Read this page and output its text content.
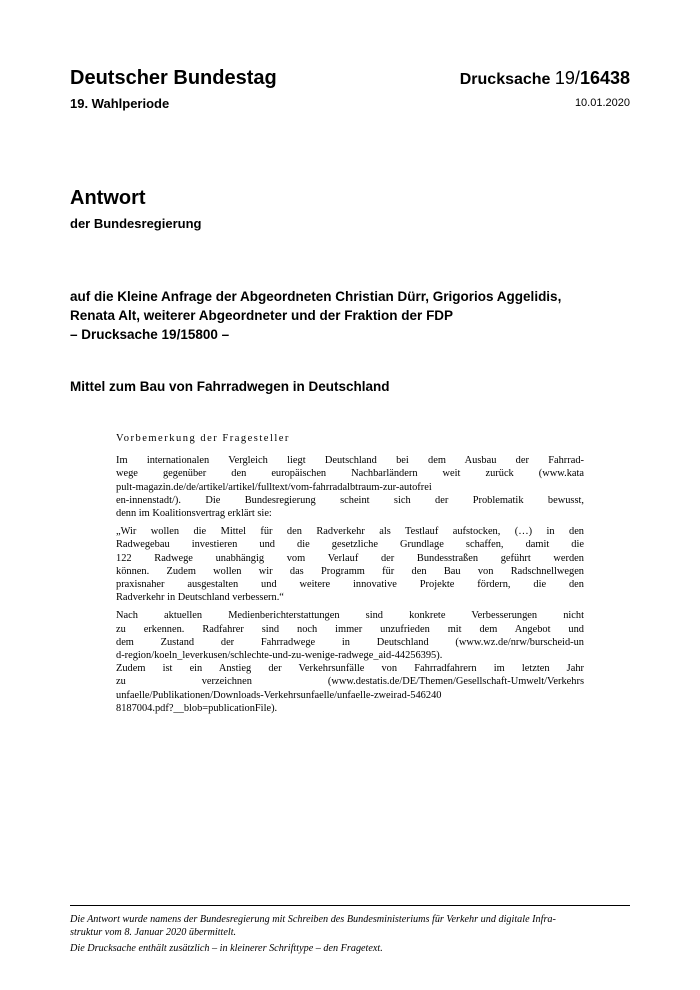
Deutscher Bundestag
19. Wahlperiode
Drucksache 19/16438
10.01.2020
Antwort
der Bundesregierung
auf die Kleine Anfrage der Abgeordneten Christian Dürr, Grigorios Aggelidis,
Renata Alt, weiterer Abgeordneter und der Fraktion der FDP
– Drucksache 19/15800 –
Mittel zum Bau von Fahrradwegen in Deutschland
Vorbemerkung der Fragesteller

Im internationalen Vergleich liegt Deutschland bei dem Ausbau der Fahrrad-
wege gegenüber den europäischen Nachbarländern weit zurück (www.kata
pult-magazin.de/de/artikel/artikel/fulltext/vom-fahrradalbtraum-zur-autofrei
en-innenstadt/). Die Bundesregierung scheint sich der Problematik bewusst,
denn im Koalitionsvertrag erklärt sie:

„Wir wollen die Mittel für den Radverkehr als Testlauf aufstocken, (…) in den
Radwegebau investieren und die gesetzliche Grundlage schaffen, damit die
122 Radwege unabhängig vom Verlauf der Bundesstraßen geführt werden
können. Zudem wollen wir das Programm für den Bau von Radschnellwegen
praxisnaher ausgestalten und weitere innovative Projekte fördern, die den
Radverkehr in Deutschland verbessern.“

Nach aktuellen Medienberichterstattungen sind konkrete Verbesserungen nicht
zu erkennen. Radfahrer sind noch immer unzufrieden mit dem Angebot und
dem Zustand der Fahrradwege in Deutschland (www.wz.de/nrw/burscheid-un
d-region/koeln_leverkusen/schlechte-und-zu-wenige-radwege_aid-44256395).
Zudem ist ein Anstieg der Verkehrsunfälle von Fahrradfahrern im letzten Jahr
zu verzeichnen (www.destatis.de/DE/Themen/Gesellschaft-Umwelt/Verkehrs
unfaelle/Publikationen/Downloads-Verkehrsunfaelle/unfaelle-zweirad-546240
8187004.pdf?__blob=publicationFile).

Die Antwort wurde namens der Bundesregierung mit Schreiben des Bundesministeriums für Verkehr und digitale Infra-
struktur vom 8. Januar 2020 übermittelt.

Die Drucksache enthält zusätzlich – in kleinerer Schrifttype – den Fragetext.
